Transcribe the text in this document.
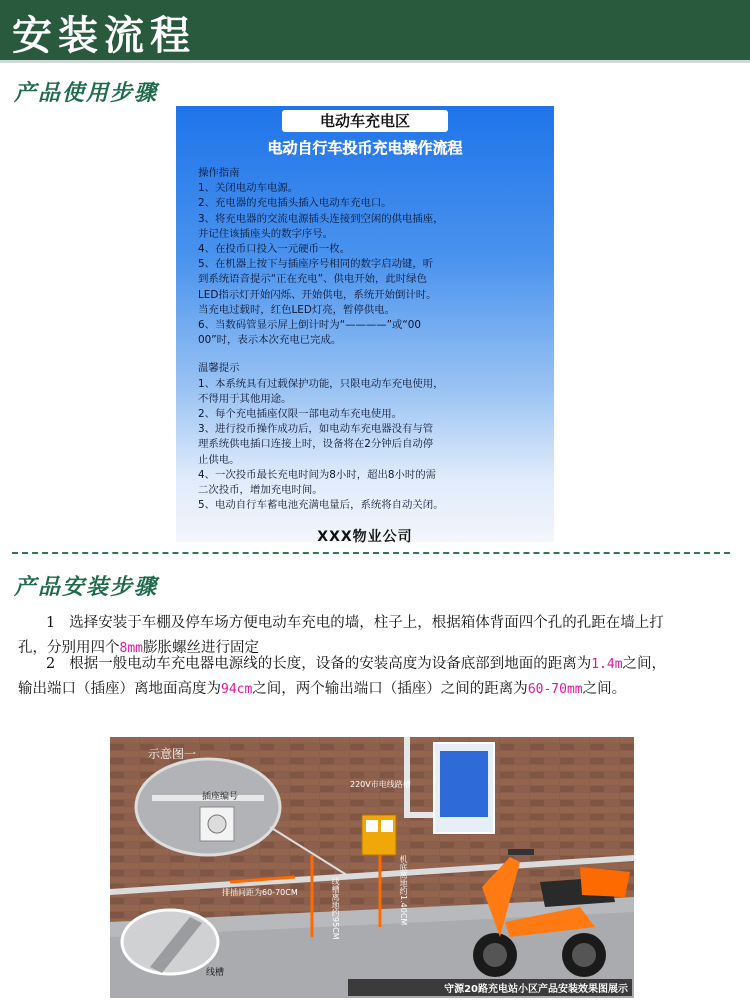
安装流程
产品使用步骤
电动车充电区
电动自行车投币充电操作流程
操作指南
1、关闭电动车电源。
2、充电器的充电插头插入电动车充电口。
3、将充电器的交流电源插头连接到空闲的供电插座，
并记住该插座头的数字序号。
4、在投币口投入一元硬币一枚。
5、在机器上按下与插座序号相同的数字启动键，听
到系统语音提示“正在充电”、供电开始，此时绿色
LED指示灯开始闪烁、开始供电，系统开始倒计时。
当充电过载时，红色LED灯亮，暂停供电。
6、当数码管显示屏上倒计时为“————”或“00
00”时，表示本次充电已完成。
温馨提示
1、本系统具有过载保护功能，只限电动车充电使用，
不得用于其他用途。
2、每个充电插座仅限一部电动车充电使用。
3、进行投币操作成功后，如电动车充电器没有与管
理系统供电插口连接上时，设备将在2分钟后自动停
止供电。
4、一次投币最长充电时间为8小时，超出8小时的需
二次投币，增加充电时间。
5、电动自行车蓄电池充满电量后，系统将自动关闭。
XXX物业公司
产品安装步骤
1 选择安装于车棚及停车场方便电动车充电的墙，柱子上，根据箱体背面四个孔的孔距在墙上打
孔，分别用四个8mm膨胀螺丝进行固定
2 根据一般电动车充电器电源线的长度，设备的安装高度为设备底部到地面的距离为1.4m之间，
输出端口（插座）离地面高度为94cm之间，两个输出端口（插座）之间的距离为60-70mm之间。
示意图一
插座编号
220V市电线路槽
机底离地约1.40CM
排插间距为60-70CM	线槽离地约95CM
线槽
守源20路充电站小区产品安装效果图展示
